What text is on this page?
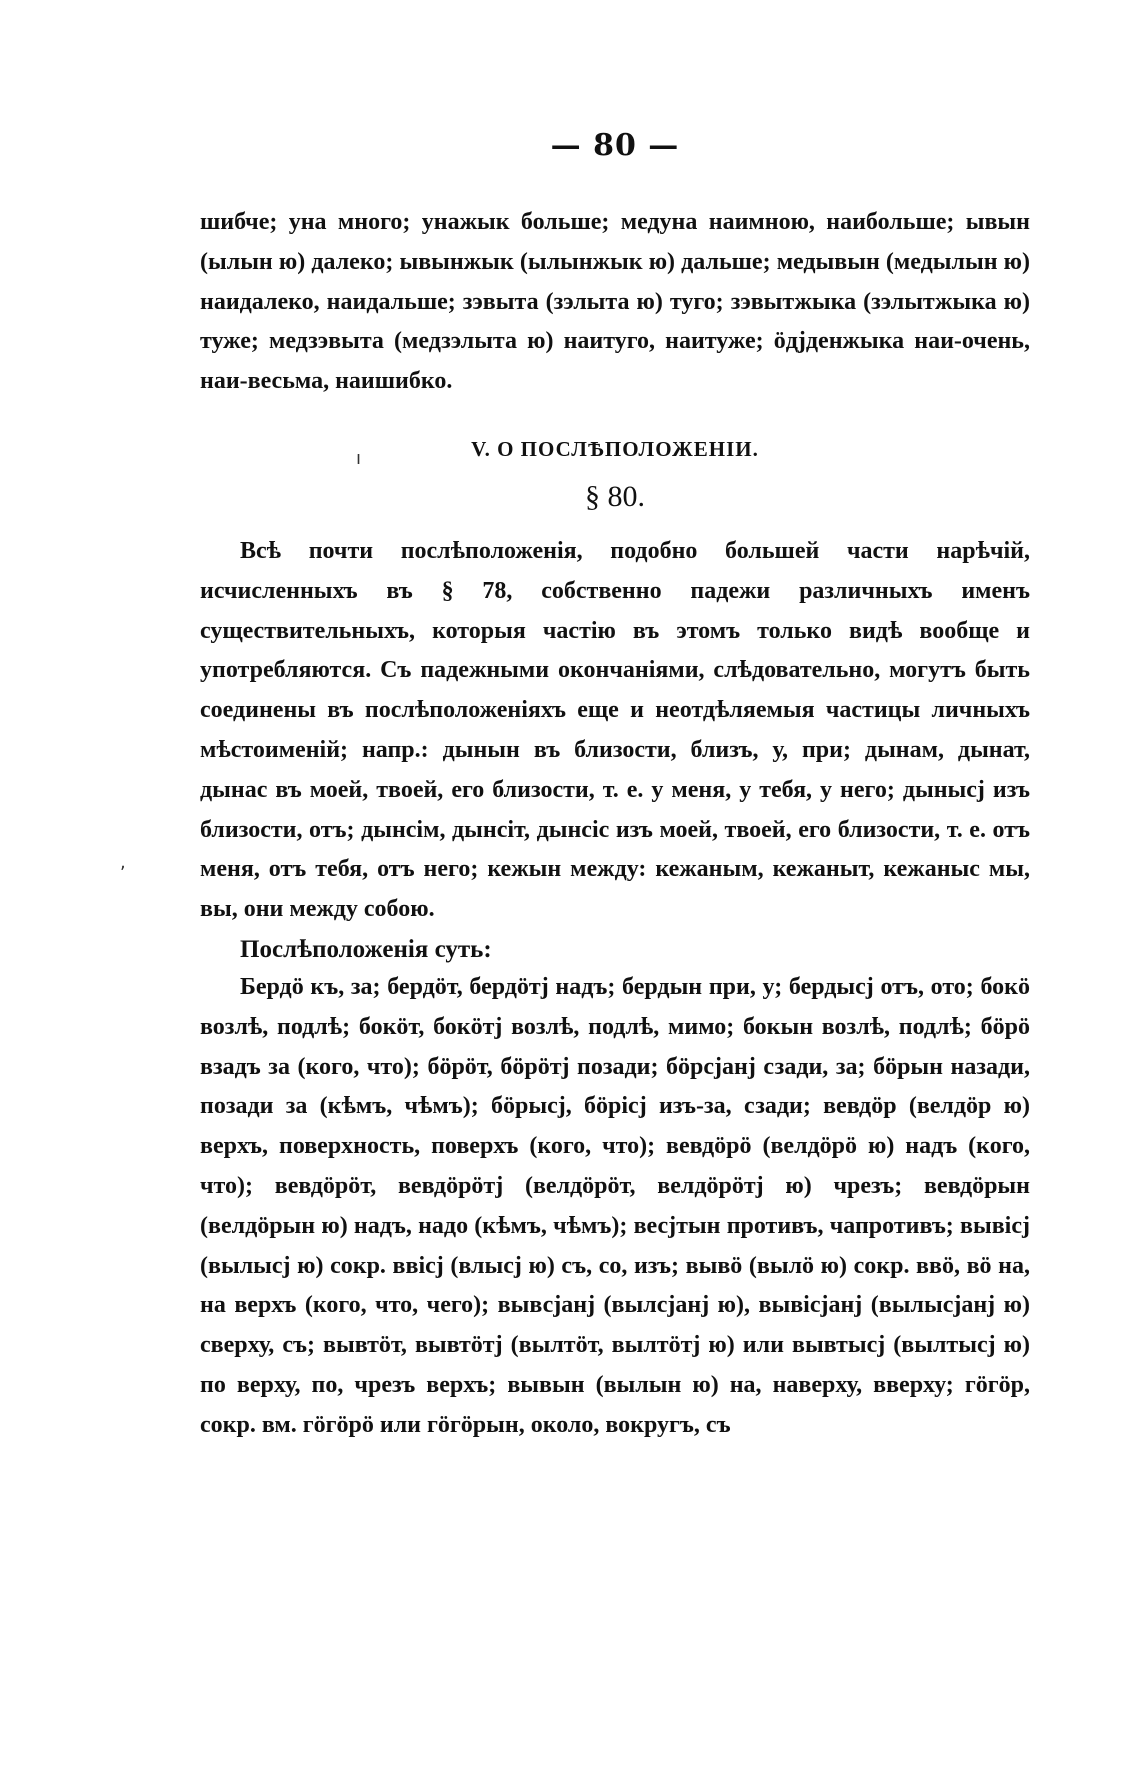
— 80 —

шибче; уна много; унажык больше; медуна наимною, наибольше; ывын (ылын ю) далеко; ывынжык (ылынжык ю) дальше; медывын (медылын ю) наидалеко, наидальше; зэвыта (зэлыта ю) туго; зэвытжыка (зэлытжыка ю) туже; медзэвыта (медзэлыта ю) наитуго, наитуже; ӧдјденжыка наи-очень, наи-весьма, наишибко.

V. О ПОСЛѢПОЛОЖЕНІИ.
§ 80.

Всѣ почти послѣположенія, подобно большей части нарѣчій, исчисленныхъ въ § 78, собственно падежи различныхъ именъ существительныхъ, которыя частію въ этомъ только видѣ вообще и употребляются. Съ падежными окончаніями, слѣдовательно, могутъ быть соединены въ послѣположеніяхъ еще и неотдѣляемыя частицы личныхъ мѣстоимeній; напр.: дынын въ близости, близъ, у, при; дынам, дынат, дынас въ моей, твоей, его близости, т. е. у меня, у тебя, у него; дынысј изъ близости, отъ; дынсім, дынсіт, дынсіс изъ моей, твоей, его близости, т. е. отъ меня, отъ тебя, отъ него; кежын между: кежаным, кежаныт, кежаныс мы, вы, они между собою.

Послѣположенія суть:

Бердӧ къ, за; бердӧт, бердӧтј надъ; бердын при, у; бердысј отъ, ото; бокӧ возлѣ, подлѣ; бокӧт, бокӧтј возлѣ, подлѣ, мимо; бокын возлѣ, подлѣ; бӧрӧ взадъ за (кого, что); бӧрӧт, бӧрӧтј позади; бӧрсјанј сзади, за; бӧрын назади, позади за (кѣмъ, чѣмъ); бӧрысј, бӧрісј изъ-за, сзади; вевдӧр (велдӧр ю) верхъ, поверхность, поверхъ (кого, что); вевдӧрӧ (велдӧрӧ ю) надъ (кого, что); вевдӧрӧт, вевдӧрӧтј (велдӧрӧт, велдӧрӧтј ю) чрезъ; вевдӧрын (велдӧрын ю) надъ, надо (кѣмъ, чѣмъ); весјтын противъ, чапротивъ; вывісј (вылысј ю) сокр. ввісј (влысј ю) съ, со, изъ; вывӧ (вылӧ ю) сокр. ввӧ, вӧ на, на верхъ (кого, что, чего); вывсјанј (вылсјанј ю), вывісјанј (вылысјанј ю) сверху, съ; вывтӧт, вывтӧтј (вылтӧт, вылтӧтј ю) или вывтысј (вылтысј ю) по верху, по, чрезъ верхъ; вывын (вылын ю) на, наверху, вверху; гӧгӧр, сокр. вм. гӧгӧрӧ или гӧгӧрын, около, вокругъ, съ

ı
,
